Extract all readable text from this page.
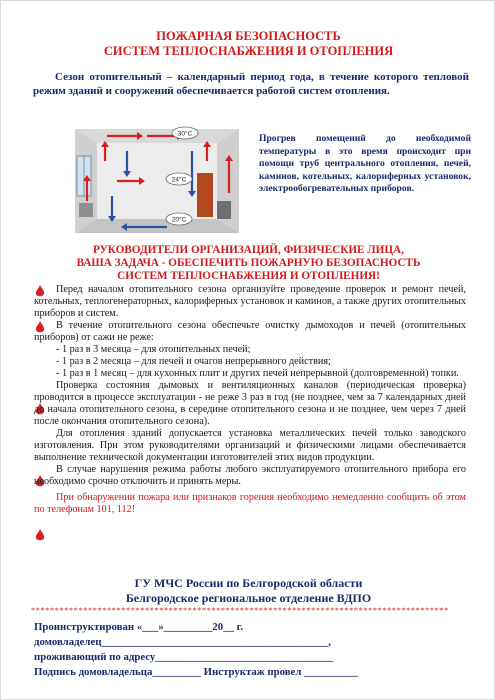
ПОЖАРНАЯ БЕЗОПАСНОСТЬ
СИСТЕМ ТЕПЛОСНАБЖЕНИЯ И ОТОПЛЕНИЯ
Сезон отопительный – календарный период года, в течение которого тепловой режим зданий и сооружений обеспечивается работой систем отопления.
30°C
24°C
20°C
Прогрев помещений до необходимой температуры в это время происходит при помощи труб центрального отопления, печей, каминов, котельных, калориферных установок, электрообогревательных приборов.
РУКОВОДИТЕЛИ ОРГАНИЗАЦИЙ, ФИЗИЧЕСКИЕ ЛИЦА,
ВАША ЗАДАЧА - ОБЕСПЕЧИТЬ ПОЖАРНУЮ БЕЗОПАСНОСТЬ
СИСТЕМ ТЕПЛОСНАБЖЕНИЯ И ОТОПЛЕНИЯ!

Перед началом отопительного сезона организуйте проведение проверок и ремонт печей, котельных, теплогенераторных, калориферных установок и каминов, а также других отопительных приборов и систем.

В течение отопительного сезона обеспечьте очистку дымоходов и печей (отопительных приборов) от сажи не реже:

- 1 раз в 3 месяца – для отопительных печей;

- 1 раз в 2 месяца – для печей и очагов непрерывного действия;

- 1 раз в 1 месяц – для кухонных плит и других печей непрерывной (долговременной) топки.

Проверка состояния дымовых и вентиляционных каналов (периодическая проверка) проводится в процессе эксплуатации - не реже 3 раз в год (не позднее, чем за 7 календарных дней до начала отопительного сезона, в середине отопительного сезона и не позднее, чем через 7 дней после окончания отопительного сезона).

Для отопления зданий допускается установка металлических печей только заводского изготовления. При этом руководителями организаций и физическими лицами обеспечивается выполнение технической документации изготовителей этих видов продукции.

В случае нарушения режима работы любого эксплуатируемого отопительного прибора его необходимо срочно отключить и принять меры.

При обнаружении пожара или признаков горения необходимо немедленно сообщить об этом по телефонам 101, 112!

ГУ МЧС России по Белгородской области
Белгородское региональное отделение ВДПО
****************************************************************************************
Проинструктирован «___»_________20__ г.
домовладелец__________________________________________,
проживающий по адресу_________________________________
Подпись домовладельца_________ Инструктаж провел __________
